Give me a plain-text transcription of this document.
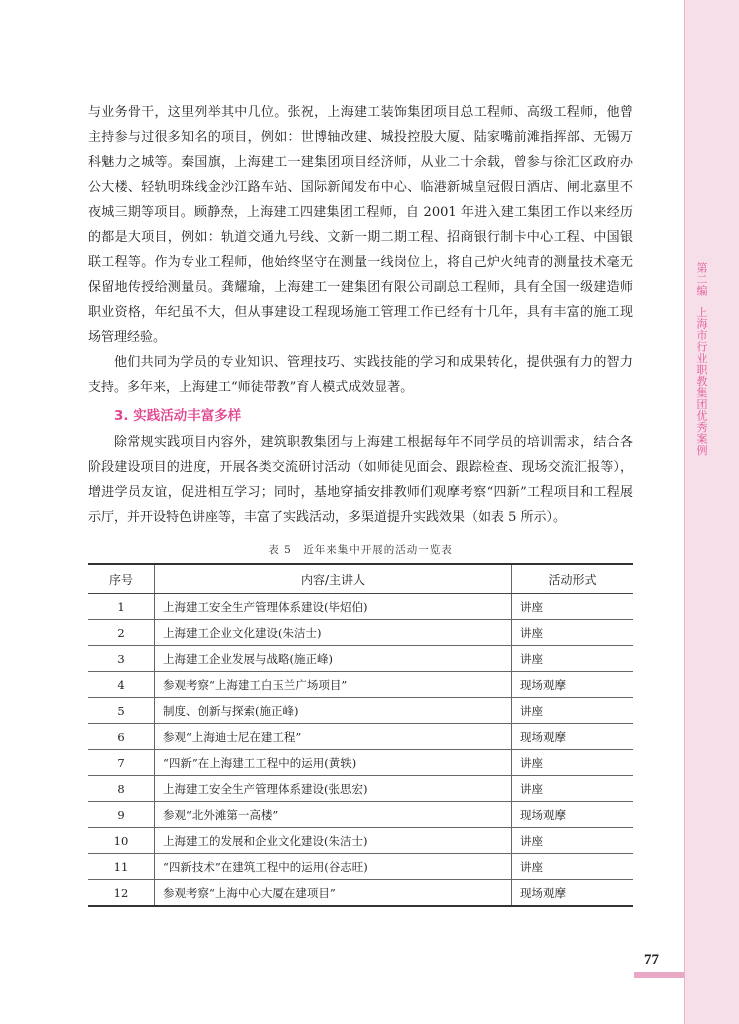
第二编上海市行业职教集团优秀案例

与业务骨干，这里列举其中几位。张祝，上海建工装饰集团项目总工程师、高级工程师，他曾主持参与过很多知名的项目，例如：世博轴改建、城投控股大厦、陆家嘴前滩指挥部、无锡万科魅力之城等。秦国旗，上海建工一建集团项目经济师，从业二十余载，曾参与徐汇区政府办公大楼、轻轨明珠线金沙江路车站、国际新闻发布中心、临港新城皇冠假日酒店、闸北嘉里不夜城三期等项目。顾静焘，上海建工四建集团工程师，自 2001 年进入建工集团工作以来经历的都是大项目，例如：轨道交通九号线、文新一期二期工程、招商银行制卡中心工程、中国银联工程等。作为专业工程师，他始终坚守在测量一线岗位上，将自己炉火纯青的测量技术毫无保留地传授给测量员。龚耀瑜，上海建工一建集团有限公司副总工程师，具有全国一级建造师职业资格，年纪虽不大，但从事建设工程现场施工管理工作已经有十几年，具有丰富的施工现场管理经验。

他们共同为学员的专业知识、管理技巧、实践技能的学习和成果转化，提供强有力的智力支持。多年来，上海建工“师徒带教”育人模式成效显著。

3. 实践活动丰富多样

除常规实践项目内容外，建筑职教集团与上海建工根据每年不同学员的培训需求，结合各阶段建设项目的进度，开展各类交流研讨活动（如师徒见面会、跟踪检查、现场交流汇报等），增进学员友谊，促进相互学习；同时，基地穿插安排教师们观摩考察“四新”工程项目和工程展示厅，并开设特色讲座等，丰富了实践活动，多渠道提升实践效果（如表 5 所示）。

表 5　近年来集中开展的活动一览表
序号	内容/主讲人	活动形式
1	上海建工安全生产管理体系建设(毕炤伯)	讲座
2	上海建工企业文化建设(朱洁士)	讲座
3	上海建工企业发展与战略(施正峰)	讲座
4	参观考察“上海建工白玉兰广场项目”	现场观摩
5	制度、创新与探索(施正峰)	讲座
6	参观“上海迪士尼在建工程”	现场观摩
7	“四新”在上海建工工程中的运用(黄轶)	讲座
8	上海建工安全生产管理体系建设(张思宏)	讲座
9	参观“北外滩第一高楼”	现场观摩
10	上海建工的发展和企业文化建设(朱洁士)	讲座
11	“四新技术”在建筑工程中的运用(谷志旺)	讲座
12	参观考察“上海中心大厦在建项目”	现场观摩
77
